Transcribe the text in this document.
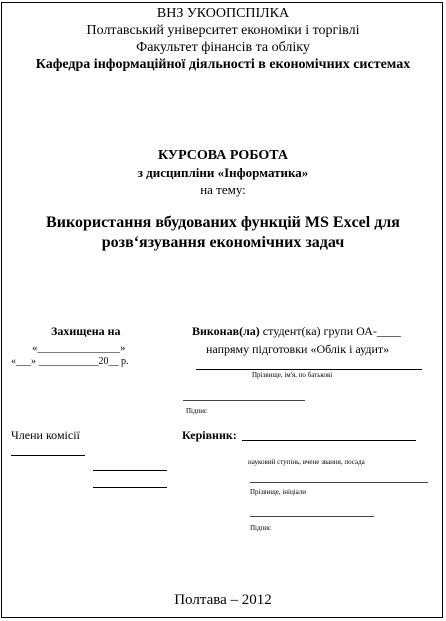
ВНЗ УКООПСПІЛКА
Полтавський університет економіки і торгівлі
Факультет фінансів та обліку
Кафедра інформаційної діяльності в економічних системах
КУРСОВА РОБОТА
з дисципліни «Інформатика»
на тему:
Використання вбудованих функцій MS Excel для
розв‘язування економічних задач
Захищена на
«_______________»
«___» ____________20__ р.
Виконав(ла) студент(ка) групи ОА-____
напряму підготовки «Облік і аудит»
Прізвище, ім'я, по батькові
Підпис
Члени комісії	Керівник:
науковий ступінь, вчене звання, посада
Прізвище, ініціали
Підпис
Полтава – 2012
